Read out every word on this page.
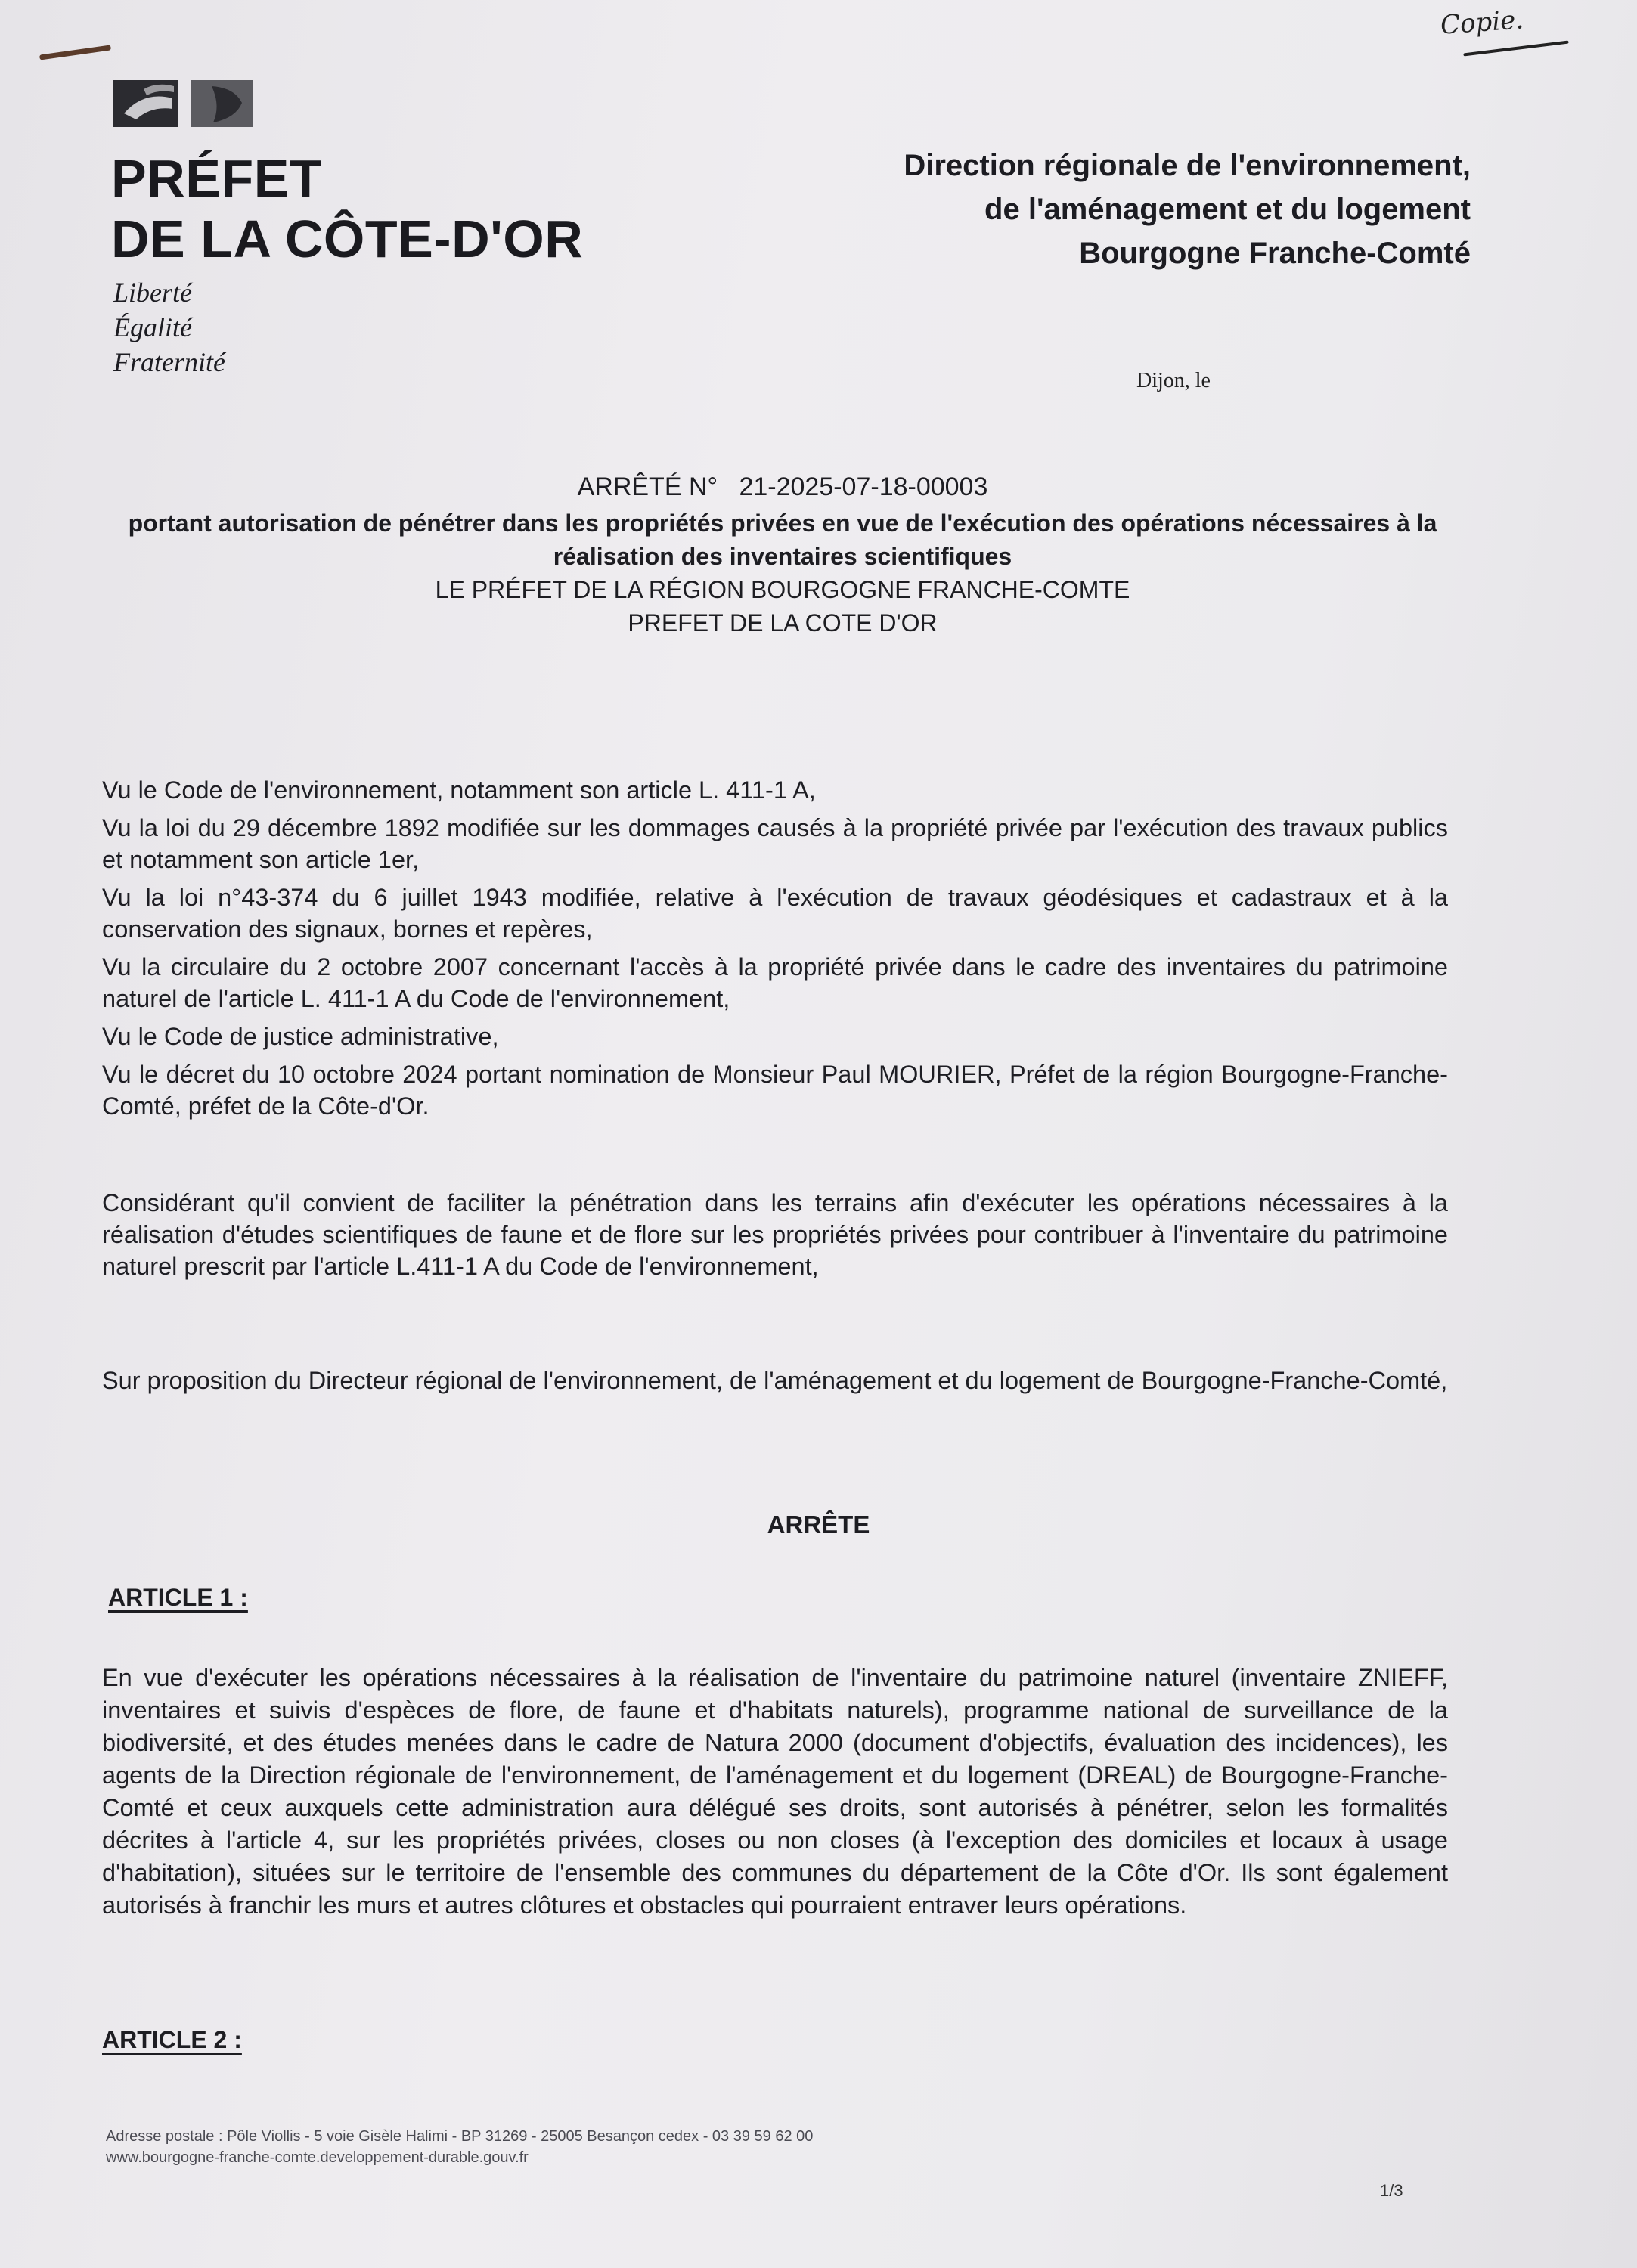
Copie.
PRÉFET
DE LA CÔTE-D'OR
Liberté
Égalité
Fraternité
Direction régionale de l'environnement,
de l'aménagement et du logement
Bourgogne Franche-Comté
Dijon, le
ARRÊTÉ N° 21-2025-07-18-00003
portant autorisation de pénétrer dans les propriétés privées en vue de l'exécution des opérations nécessaires à la réalisation des inventaires scientifiques
LE PRÉFET DE LA RÉGION BOURGOGNE FRANCHE-COMTE
PREFET DE LA COTE D'OR

Vu le Code de l'environnement, notamment son article L. 411-1 A,

Vu la loi du 29 décembre 1892 modifiée sur les dommages causés à la propriété privée par l'exécution des travaux publics et notamment son article 1er,

Vu la loi n°43-374 du 6 juillet 1943 modifiée, relative à l'exécution de travaux géodésiques et cadastraux et à la conservation des signaux, bornes et repères,

Vu la circulaire du 2 octobre 2007 concernant l'accès à la propriété privée dans le cadre des inventaires du patrimoine naturel de l'article L. 411-1 A du Code de l'environnement,

Vu le Code de justice administrative,

Vu le décret du 10 octobre 2024 portant nomination de Monsieur Paul MOURIER, Préfet de la région Bourgogne-Franche-Comté, préfet de la Côte-d'Or.

Considérant qu'il convient de faciliter la pénétration dans les terrains afin d'exécuter les opérations nécessaires à la réalisation d'études scientifiques de faune et de flore sur les propriétés privées pour contribuer à l'inventaire du patrimoine naturel prescrit par l'article L.411-1 A du Code de l'environnement,
Sur proposition du Directeur régional de l'environnement, de l'aménagement et du logement de Bourgogne-Franche-Comté,
ARRÊTE
ARTICLE 1 :
En vue d'exécuter les opérations nécessaires à la réalisation de l'inventaire du patrimoine naturel (inventaire ZNIEFF, inventaires et suivis d'espèces de flore, de faune et d'habitats naturels), programme national de surveillance de la biodiversité, et des études menées dans le cadre de Natura 2000 (document d'objectifs, évaluation des incidences), les agents de la Direction régionale de l'environnement, de l'aménagement et du logement (DREAL) de Bourgogne-Franche-Comté et ceux auxquels cette administration aura délégué ses droits, sont autorisés à pénétrer, selon les formalités décrites à l'article 4, sur les propriétés privées, closes ou non closes (à l'exception des domiciles et locaux à usage d'habitation), situées sur le territoire de l'ensemble des communes du département de la Côte d'Or. Ils sont également autorisés à franchir les murs et autres clôtures et obstacles qui pourraient entraver leurs opérations.
ARTICLE 2 :
Adresse postale : Pôle Viollis - 5 voie Gisèle Halimi - BP 31269 - 25005 Besançon cedex - 03 39 59 62 00
www.bourgogne-franche-comte.developpement-durable.gouv.fr
1/3
